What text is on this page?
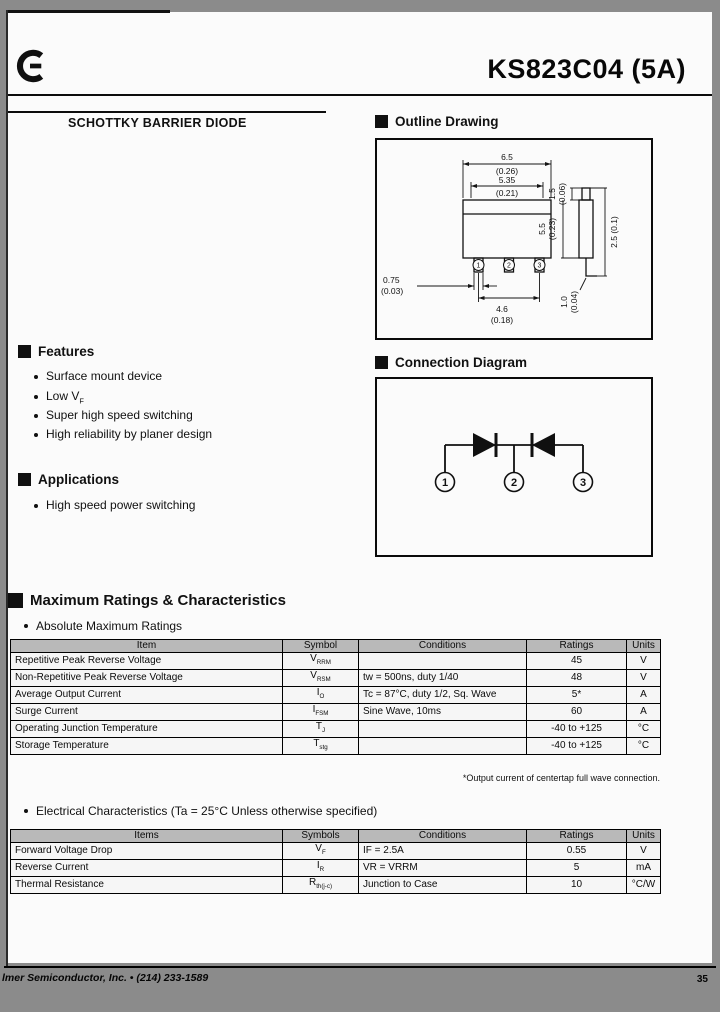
KS823C04 (5A)
SCHOTTKY BARRIER DIODE	Outline Drawing
1	2	3
6.5
(0.26)
5.35
(0.21)	1.5 (0.06)
5.5 (0.23)	2.5 (0.1)
1.0 (0.04)
0.75
(0.03)
4.6
(0.18)
Features
Surface mount device
Low $V_F$
Super high speed switching
High reliability by planer design
Applications
High speed power switching
Connection Diagram
1	2	3
Maximum Ratings & Characteristics
Absolute Maximum Ratings
Item	Symbol	Conditions	Ratings	Units
Repetitive Peak Reverse Voltage	$V_{RRM}$		45	V
Non-Repetitive Peak Reverse Voltage	$V_{RSM}$	tw = 500ns, duty 1/40	48	V
Average Output Current	$I_O$	Tc = 87°C, duty 1/2, Sq. Wave	5*	A
Surge Current	$I_{FSM}$	Sine Wave, 10ms	60	A
Operating Junction Temperature	$T_J$		-40 to +125	°C
Storage Temperature	$T_{stg}$		-40 to +125	°C
*Output current of centertap full wave connection.
Electrical Characteristics (Ta = 25°C Unless otherwise specified)
Items	Symbols	Conditions	Ratings	Units
Forward Voltage Drop	$V_F$	IF = 2.5A	0.55	V
Reverse Current	$I_R$	VR = VRRM	5	mA
Thermal Resistance	$R_{th(j-c)}$	Junction to Case	10	°C/W
lmer Semiconductor, Inc. • (214) 233-1589	35
